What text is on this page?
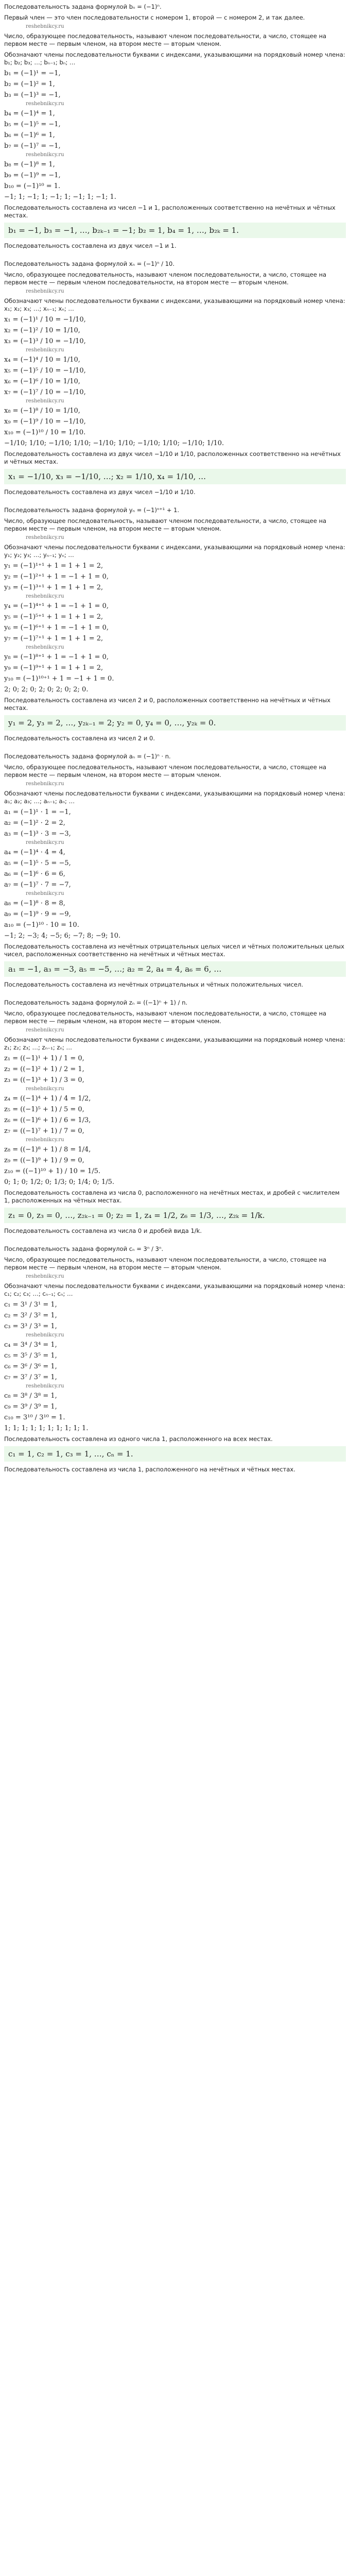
Последовательность задана формулой bₙ = (−1)ⁿ.

Первый член — это член последовательности с номером 1, второй — с номером 2, и так далее.

reshebnikcy.ru

Число, образующее последовательность, называют членом последовательности, а число, стоящее на первом месте — первым членом, на втором месте — вторым членом.

Обозначают члены последовательности буквами с индексами, указывающими на порядковый номер члена: b₁; b₂; b₃; …; bₙ₋₁; bₙ; …

b₁ = (−1)¹ = −1,
b₂ = (−1)² = 1,
b₃ = (−1)³ = −1,
reshebnikcy.ru
b₄ = (−1)⁴ = 1,
b₅ = (−1)⁵ = −1,
b₆ = (−1)⁶ = 1,
b₇ = (−1)⁷ = −1,
reshebnikcy.ru
b₈ = (−1)⁸ = 1,
b₉ = (−1)⁹ = −1,
b₁₀ = (−1)¹⁰ = 1.
−1; 1; −1; 1; −1; 1; −1; 1; −1; 1.

Последовательность составлена из чисел −1 и 1, расположенных соответственно на нечётных и чётных местах.

b₁ = −1, b₃ = −1, …, b₂ₖ₋₁ = −1; b₂ = 1, b₄ = 1, …, b₂ₖ = 1.

Последовательность составлена из двух чисел −1 и 1.

Последовательность задана формулой xₙ = (−1)ⁿ / 10.

Число, образующее последовательность, называют членом последовательности, а число, стоящее на первом месте — первым членом последовательности, на втором месте — вторым членом.

reshebnikcy.ru

Обозначают члены последовательности буквами с индексами, указывающими на порядковый номер члена: x₁; x₂; x₃; …; xₙ₋₁; xₙ; …

x₁ = (−1)¹ / 10 = −1/10,
x₂ = (−1)² / 10 = 1/10,
x₃ = (−1)³ / 10 = −1/10,
reshebnikcy.ru
x₄ = (−1)⁴ / 10 = 1/10,
x₅ = (−1)⁵ / 10 = −1/10,
x₆ = (−1)⁶ / 10 = 1/10,
x₇ = (−1)⁷ / 10 = −1/10,
reshebnikcy.ru
x₈ = (−1)⁸ / 10 = 1/10,
x₉ = (−1)⁹ / 10 = −1/10,
x₁₀ = (−1)¹⁰ / 10 = 1/10.
−1/10; 1/10; −1/10; 1/10; −1/10; 1/10; −1/10; 1/10; −1/10; 1/10.

Последовательность составлена из двух чисел −1/10 и 1/10, расположенных соответственно на нечётных и чётных местах.

x₁ = −1/10, x₃ = −1/10, …; x₂ = 1/10, x₄ = 1/10, …

Последовательность составлена из двух чисел −1/10 и 1/10.

Последовательность задана формулой yₙ = (−1)ⁿ⁺¹ + 1.

Число, образующее последовательность, называют членом последовательности, а число, стоящее на первом месте — первым членом, на втором месте — вторым членом.

reshebnikcy.ru

Обозначают члены последовательности буквами с индексами, указывающими на порядковый номер члена: y₁; y₂; y₃; …; yₙ₋₁; yₙ; …

y₁ = (−1)¹⁺¹ + 1 = 1 + 1 = 2,
y₂ = (−1)²⁺¹ + 1 = −1 + 1 = 0,
y₃ = (−1)³⁺¹ + 1 = 1 + 1 = 2,
reshebnikcy.ru
y₄ = (−1)⁴⁺¹ + 1 = −1 + 1 = 0,
y₅ = (−1)⁵⁺¹ + 1 = 1 + 1 = 2,
y₆ = (−1)⁶⁺¹ + 1 = −1 + 1 = 0,
y₇ = (−1)⁷⁺¹ + 1 = 1 + 1 = 2,
reshebnikcy.ru
y₈ = (−1)⁸⁺¹ + 1 = −1 + 1 = 0,
y₉ = (−1)⁹⁺¹ + 1 = 1 + 1 = 2,
y₁₀ = (−1)¹⁰⁺¹ + 1 = −1 + 1 = 0.
2; 0; 2; 0; 2; 0; 2; 0; 2; 0.

Последовательность составлена из чисел 2 и 0, расположенных соответственно на нечётных и чётных местах.

y₁ = 2, y₃ = 2, …, y₂ₖ₋₁ = 2; y₂ = 0, y₄ = 0, …, y₂ₖ = 0.

Последовательность составлена из чисел 2 и 0.

Последовательность задана формулой aₙ = (−1)ⁿ · n.

Число, образующее последовательность, называют членом последовательности, а число, стоящее на первом месте — первым членом, на втором месте — вторым членом.

reshebnikcy.ru

Обозначают члены последовательности буквами с индексами, указывающими на порядковый номер члена: a₁; a₂; a₃; …; aₙ₋₁; aₙ; …

a₁ = (−1)¹ · 1 = −1,
a₂ = (−1)² · 2 = 2,
a₃ = (−1)³ · 3 = −3,
reshebnikcy.ru
a₄ = (−1)⁴ · 4 = 4,
a₅ = (−1)⁵ · 5 = −5,
a₆ = (−1)⁶ · 6 = 6,
a₇ = (−1)⁷ · 7 = −7,
reshebnikcy.ru
a₈ = (−1)⁸ · 8 = 8,
a₉ = (−1)⁹ · 9 = −9,
a₁₀ = (−1)¹⁰ · 10 = 10.
−1; 2; −3; 4; −5; 6; −7; 8; −9; 10.

Последовательность составлена из нечётных отрицательных целых чисел и чётных положительных целых чисел, расположенных соответственно на нечётных и чётных местах.

a₁ = −1, a₃ = −3, a₅ = −5, …; a₂ = 2, a₄ = 4, a₆ = 6, …

Последовательность составлена из нечётных отрицательных и чётных положительных чисел.

Последовательность задана формулой zₙ = ((−1)ⁿ + 1) / n.

Число, образующее последовательность, называют членом последовательности, а число, стоящее на первом месте — первым членом, на втором месте — вторым членом.

reshebnikcy.ru

Обозначают члены последовательности буквами с индексами, указывающими на порядковый номер члена: z₁; z₂; z₃; …; zₙ₋₁; zₙ; …

z₁ = ((−1)¹ + 1) / 1 = 0,
z₂ = ((−1)² + 1) / 2 = 1,
z₃ = ((−1)³ + 1) / 3 = 0,
reshebnikcy.ru
z₄ = ((−1)⁴ + 1) / 4 = 1/2,
z₅ = ((−1)⁵ + 1) / 5 = 0,
z₆ = ((−1)⁶ + 1) / 6 = 1/3,
z₇ = ((−1)⁷ + 1) / 7 = 0,
reshebnikcy.ru
z₈ = ((−1)⁸ + 1) / 8 = 1/4,
z₉ = ((−1)⁹ + 1) / 9 = 0,
z₁₀ = ((−1)¹⁰ + 1) / 10 = 1/5.
0; 1; 0; 1/2; 0; 1/3; 0; 1/4; 0; 1/5.

Последовательность составлена из числа 0, расположенного на нечётных местах, и дробей с числителем 1, расположенных на чётных местах.

z₁ = 0, z₃ = 0, …, z₂ₖ₋₁ = 0; z₂ = 1, z₄ = 1/2, z₆ = 1/3, …, z₂ₖ = 1/k.

Последовательность составлена из числа 0 и дробей вида 1/k.

Последовательность задана формулой cₙ = 3ⁿ / 3ⁿ.

Число, образующее последовательность, называют членом последовательности, а число, стоящее на первом месте — первым членом, на втором месте — вторым членом.

reshebnikcy.ru

Обозначают члены последовательности буквами с индексами, указывающими на порядковый номер члена: c₁; c₂; c₃; …; cₙ₋₁; cₙ; …

c₁ = 3¹ / 3¹ = 1,
c₂ = 3² / 3² = 1,
c₃ = 3³ / 3³ = 1,
reshebnikcy.ru
c₄ = 3⁴ / 3⁴ = 1,
c₅ = 3⁵ / 3⁵ = 1,
c₆ = 3⁶ / 3⁶ = 1,
c₇ = 3⁷ / 3⁷ = 1,
reshebnikcy.ru
c₈ = 3⁸ / 3⁸ = 1,
c₉ = 3⁹ / 3⁹ = 1,
c₁₀ = 3¹⁰ / 3¹⁰ = 1.
1; 1; 1; 1; 1; 1; 1; 1; 1; 1.

Последовательность составлена из одного числа 1, расположенного на всех местах.

c₁ = 1, c₂ = 1, c₃ = 1, …, cₙ = 1.

Последовательность составлена из числа 1, расположенного на нечётных и чётных местах.
